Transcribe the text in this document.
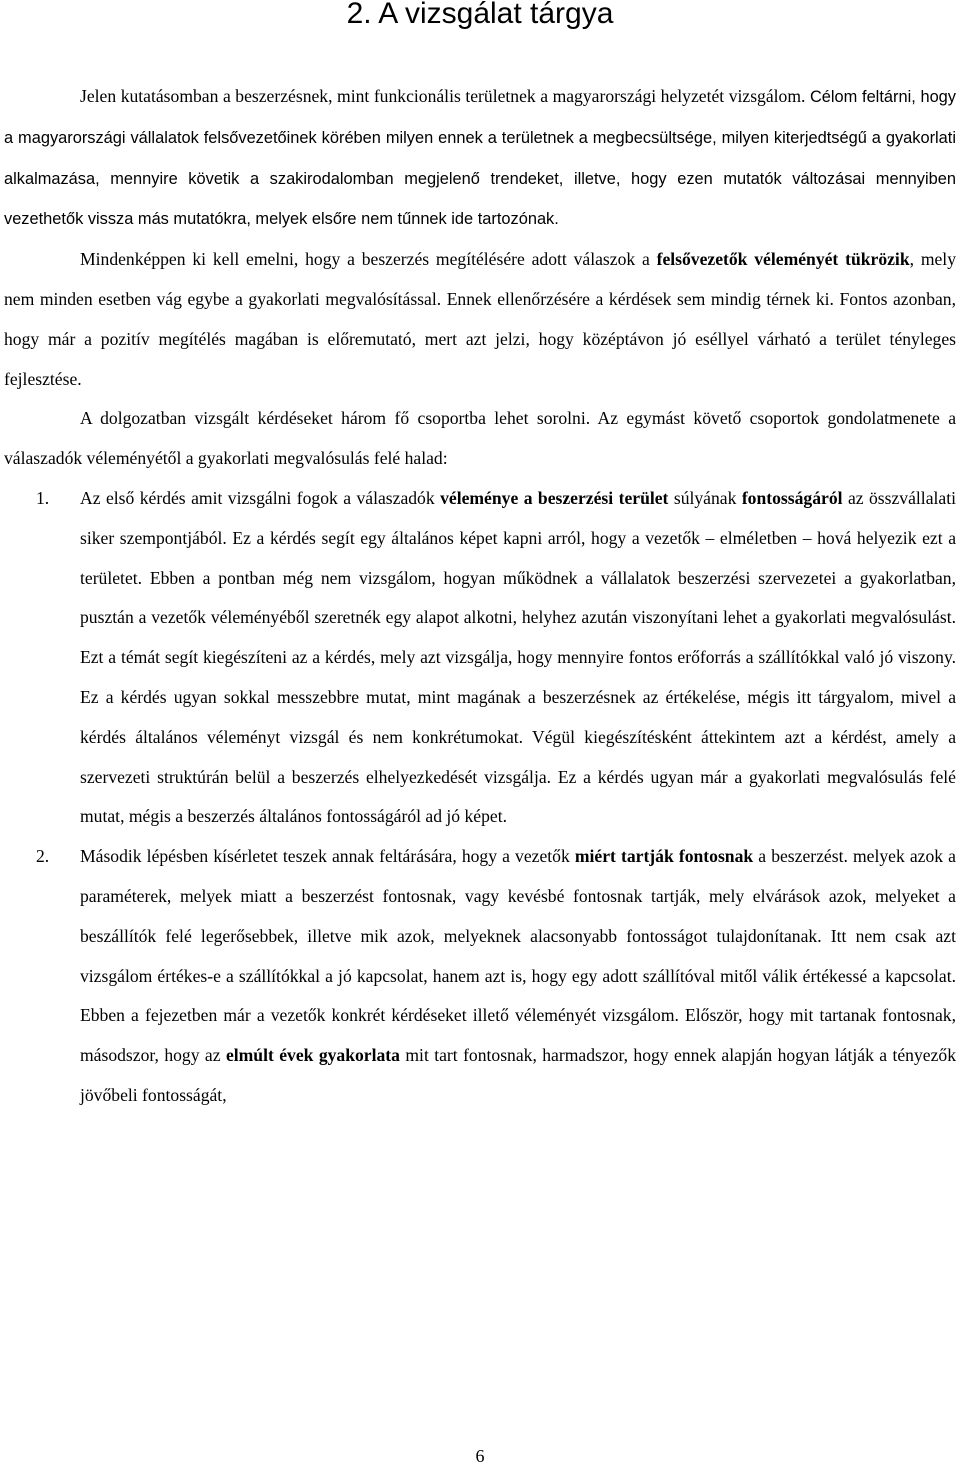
2. A vizsgálat tárgya

Jelen kutatásomban a beszerzésnek, mint funkcionális területnek a magyarországi helyzetét vizsgálom. Célom feltárni, hogy a magyarországi vállalatok felsővezetőinek körében milyen ennek a területnek a megbecsültsége, milyen kiterjedtségű a gyakorlati alkalmazása, mennyire követik a szakirodalomban megjelenő trendeket, illetve, hogy ezen mutatók változásai mennyiben vezethetők vissza más mutatókra, melyek elsőre nem tűnnek ide tartozónak.

Mindenképpen ki kell emelni, hogy a beszerzés megítélésére adott válaszok a felsővezetők véleményét tükrözik, mely nem minden esetben vág egybe a gyakorlati megvalósítással. Ennek ellenőrzésére a kérdések sem mindig térnek ki. Fontos azonban, hogy már a pozitív megítélés magában is előremutató, mert azt jelzi, hogy középtávon jó eséllyel várható a terület tényleges fejlesztése.

A dolgozatban vizsgált kérdéseket három fő csoportba lehet sorolni. Az egymást követő csoportok gondolatmenete a válaszadók véleményétől a gyakorlati megvalósulás felé halad:

1.	Az első kérdés amit vizsgálni fogok a válaszadók véleménye a beszerzési terület súlyának fontosságáról az összvállalati siker szempontjából. Ez a kérdés segít egy általános képet kapni arról, hogy a vezetők – elméletben – hová helyezik ezt a területet. Ebben a pontban még nem vizsgálom, hogyan működnek a vállalatok beszerzési szervezetei a gyakorlatban, pusztán a vezetők véleményéből szeretnék egy alapot alkotni, helyhez azután viszonyítani lehet a gyakorlati megvalósulást. Ezt a témát segít kiegészíteni az a kérdés, mely azt vizsgálja, hogy mennyire fontos erőforrás a szállítókkal való jó viszony. Ez a kérdés ugyan sokkal messzebbre mutat, mint magának a beszerzésnek az értékelése, mégis itt tárgyalom, mivel a kérdés általános véleményt vizsgál és nem konkrétumokat. Végül kiegészítésként áttekintem azt a kérdést, amely a szervezeti struktúrán belül a beszerzés elhelyezkedését vizsgálja. Ez a kérdés ugyan már a gyakorlati megvalósulás felé mutat, mégis a beszerzés általános fontosságáról ad jó képet.
2.	Második lépésben kísérletet teszek annak feltárására, hogy a vezetők miért tartják fontosnak a beszerzést. melyek azok a paraméterek, melyek miatt a beszerzést fontosnak, vagy kevésbé fontosnak tartják, mely elvárások azok, melyeket a beszállítók felé legerősebbek, illetve mik azok, melyeknek alacsonyabb fontosságot tulajdonítanak. Itt nem csak azt vizsgálom értékes-e a szállítókkal a jó kapcsolat, hanem azt is, hogy egy adott szállítóval mitől válik értékessé a kapcsolat. Ebben a fejezetben már a vezetők konkrét kérdéseket illető véleményét vizsgálom. Először, hogy mit tartanak fontosnak, másodszor, hogy az elmúlt évek gyakorlata mit tart fontosnak, harmadszor, hogy ennek alapján hogyan látják a tényezők jövőbeli fontosságát,
6
